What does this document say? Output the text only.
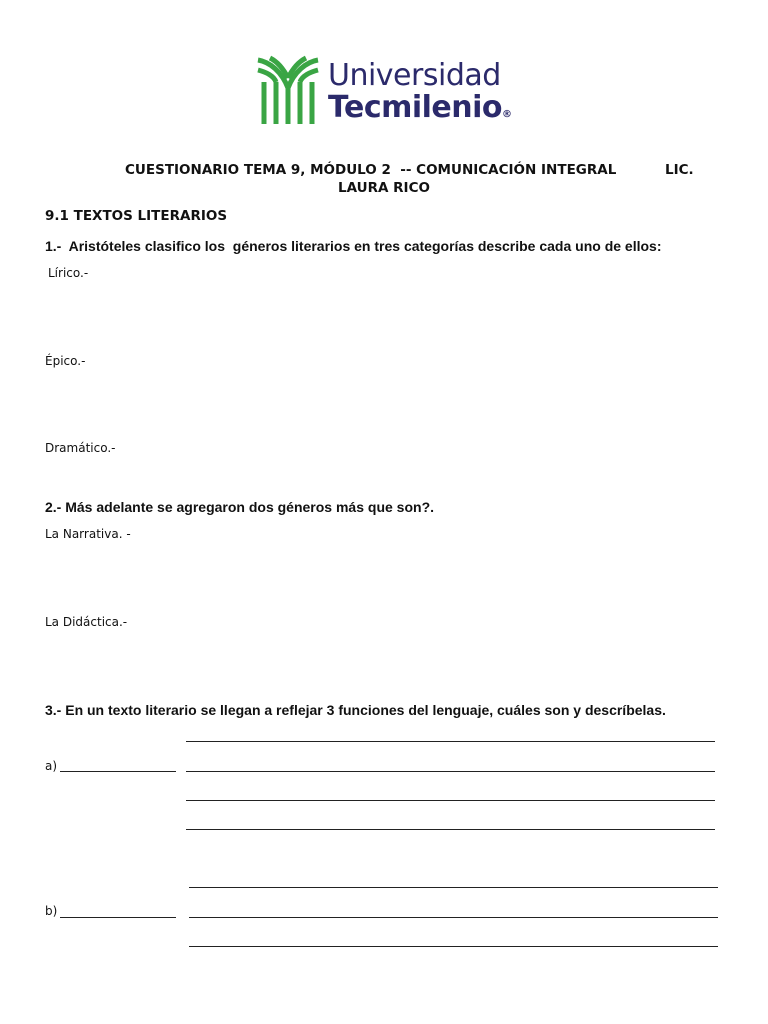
Universidad
Tecmilenio®
CUESTIONARIO TEMA 9, MÓDULO 2  -- COMUNICACIÓN INTEGRAL	LIC.
LAURA RICO
9.1 TEXTOS LITERARIOS
1.-  Aristóteles clasifico los  géneros literarios en tres categorías describe cada uno de ellos:
Lírico.-
Épico.-
Dramático.-
2.- Más adelante se agregaron dos géneros más que son?.
La Narrativa. -
La Didáctica.-
3.- En un texto literario se llegan a reflejar 3 funciones del lenguaje, cuáles son y descríbelas.
a)
b)
